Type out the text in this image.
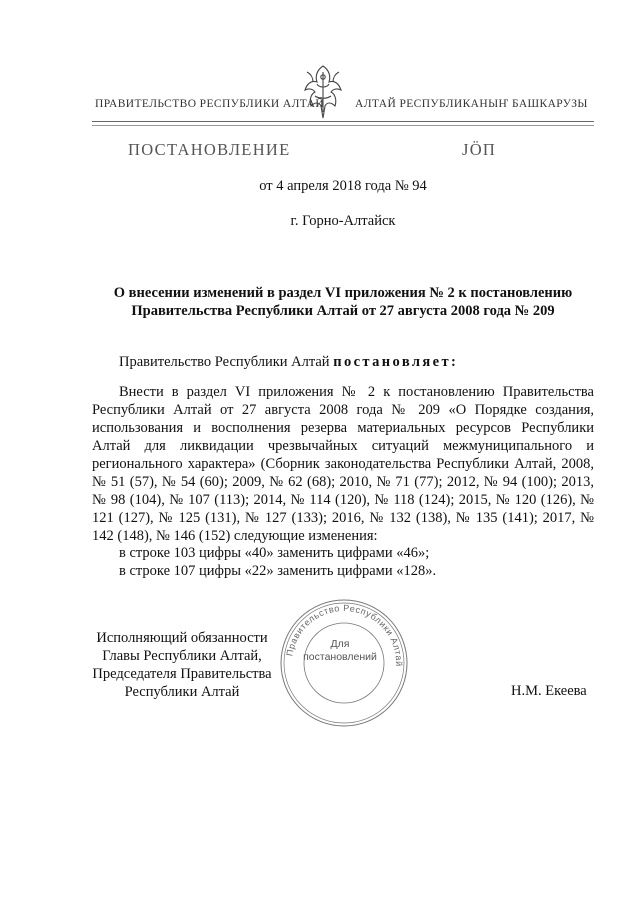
ПРАВИТЕЛЬСТВО РЕСПУБЛИКИ АЛТАЙ	АЛТАЙ РЕСПУБЛИКАНЫҤ БАШКАРУЗЫ
ПОСТАНОВЛЕНИЕ	ЈӦП
от 4 апреля 2018 года № 94
г. Горно-Алтайск
О внесении изменений в раздел VI приложения № 2 к постановлению
Правительства Республики Алтай от 27 августа 2008 года № 209
Правительство Республики Алтай постановляет:
Внести в раздел VI приложения № 2 к постановлению Правительства Республики Алтай от 27 августа 2008 года № 209 «О Порядке создания, использования и восполнения резерва материальных ресурсов Республики Алтай для ликвидации чрезвычайных ситуаций межмуниципального и регионального характера» (Сборник законодательства Республики Алтай, 2008, № 51 (57), № 54 (60); 2009, № 62 (68); 2010, № 71 (77); 2012, № 94 (100); 2013, № 98 (104), № 107 (113); 2014, № 114 (120), № 118 (124); 2015, № 120 (126), № 121 (127), № 125 (131), № 127 (133); 2016, № 132 (138), № 135 (141); 2017, № 142 (148), № 146 (152) следующие изменения:
в строке 103 цифры «40» заменить цифрами «46»;
в строке 107 цифры «22» заменить цифрами «128».
Правительство Республики Алтай
Для
постановлений
Исполняющий обязанности
Главы Республики Алтай,
Председателя Правительства
Республики Алтай	Н.М. Екеева
